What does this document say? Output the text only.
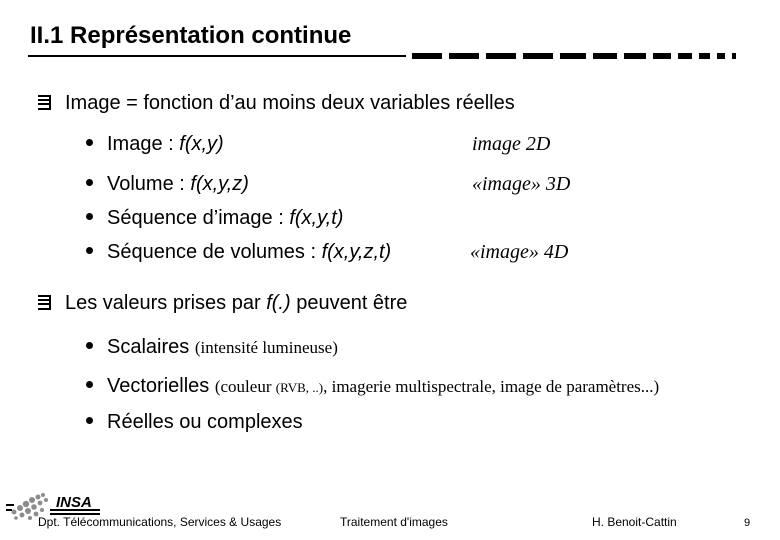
II.1 Représentation continue
Image = fonction d’au moins deux variables réelles
Image : f(x,y)	image 2D
Volume : f(x,y,z)	«image» 3D
Séquence d’image : f(x,y,t)
Séquence de volumes : f(x,y,z,t)	«image» 4D
Les valeurs prises par f(.) peuvent être
Scalaires (intensité lumineuse)
Vectorielles (couleur (RVB, ..), imagerie multispectrale, image de paramètres...)
Réelles ou complexes
INSA
Dpt. Télécommunications, Services & Usages	Traitement d'images	H. Benoit-Cattin	9
